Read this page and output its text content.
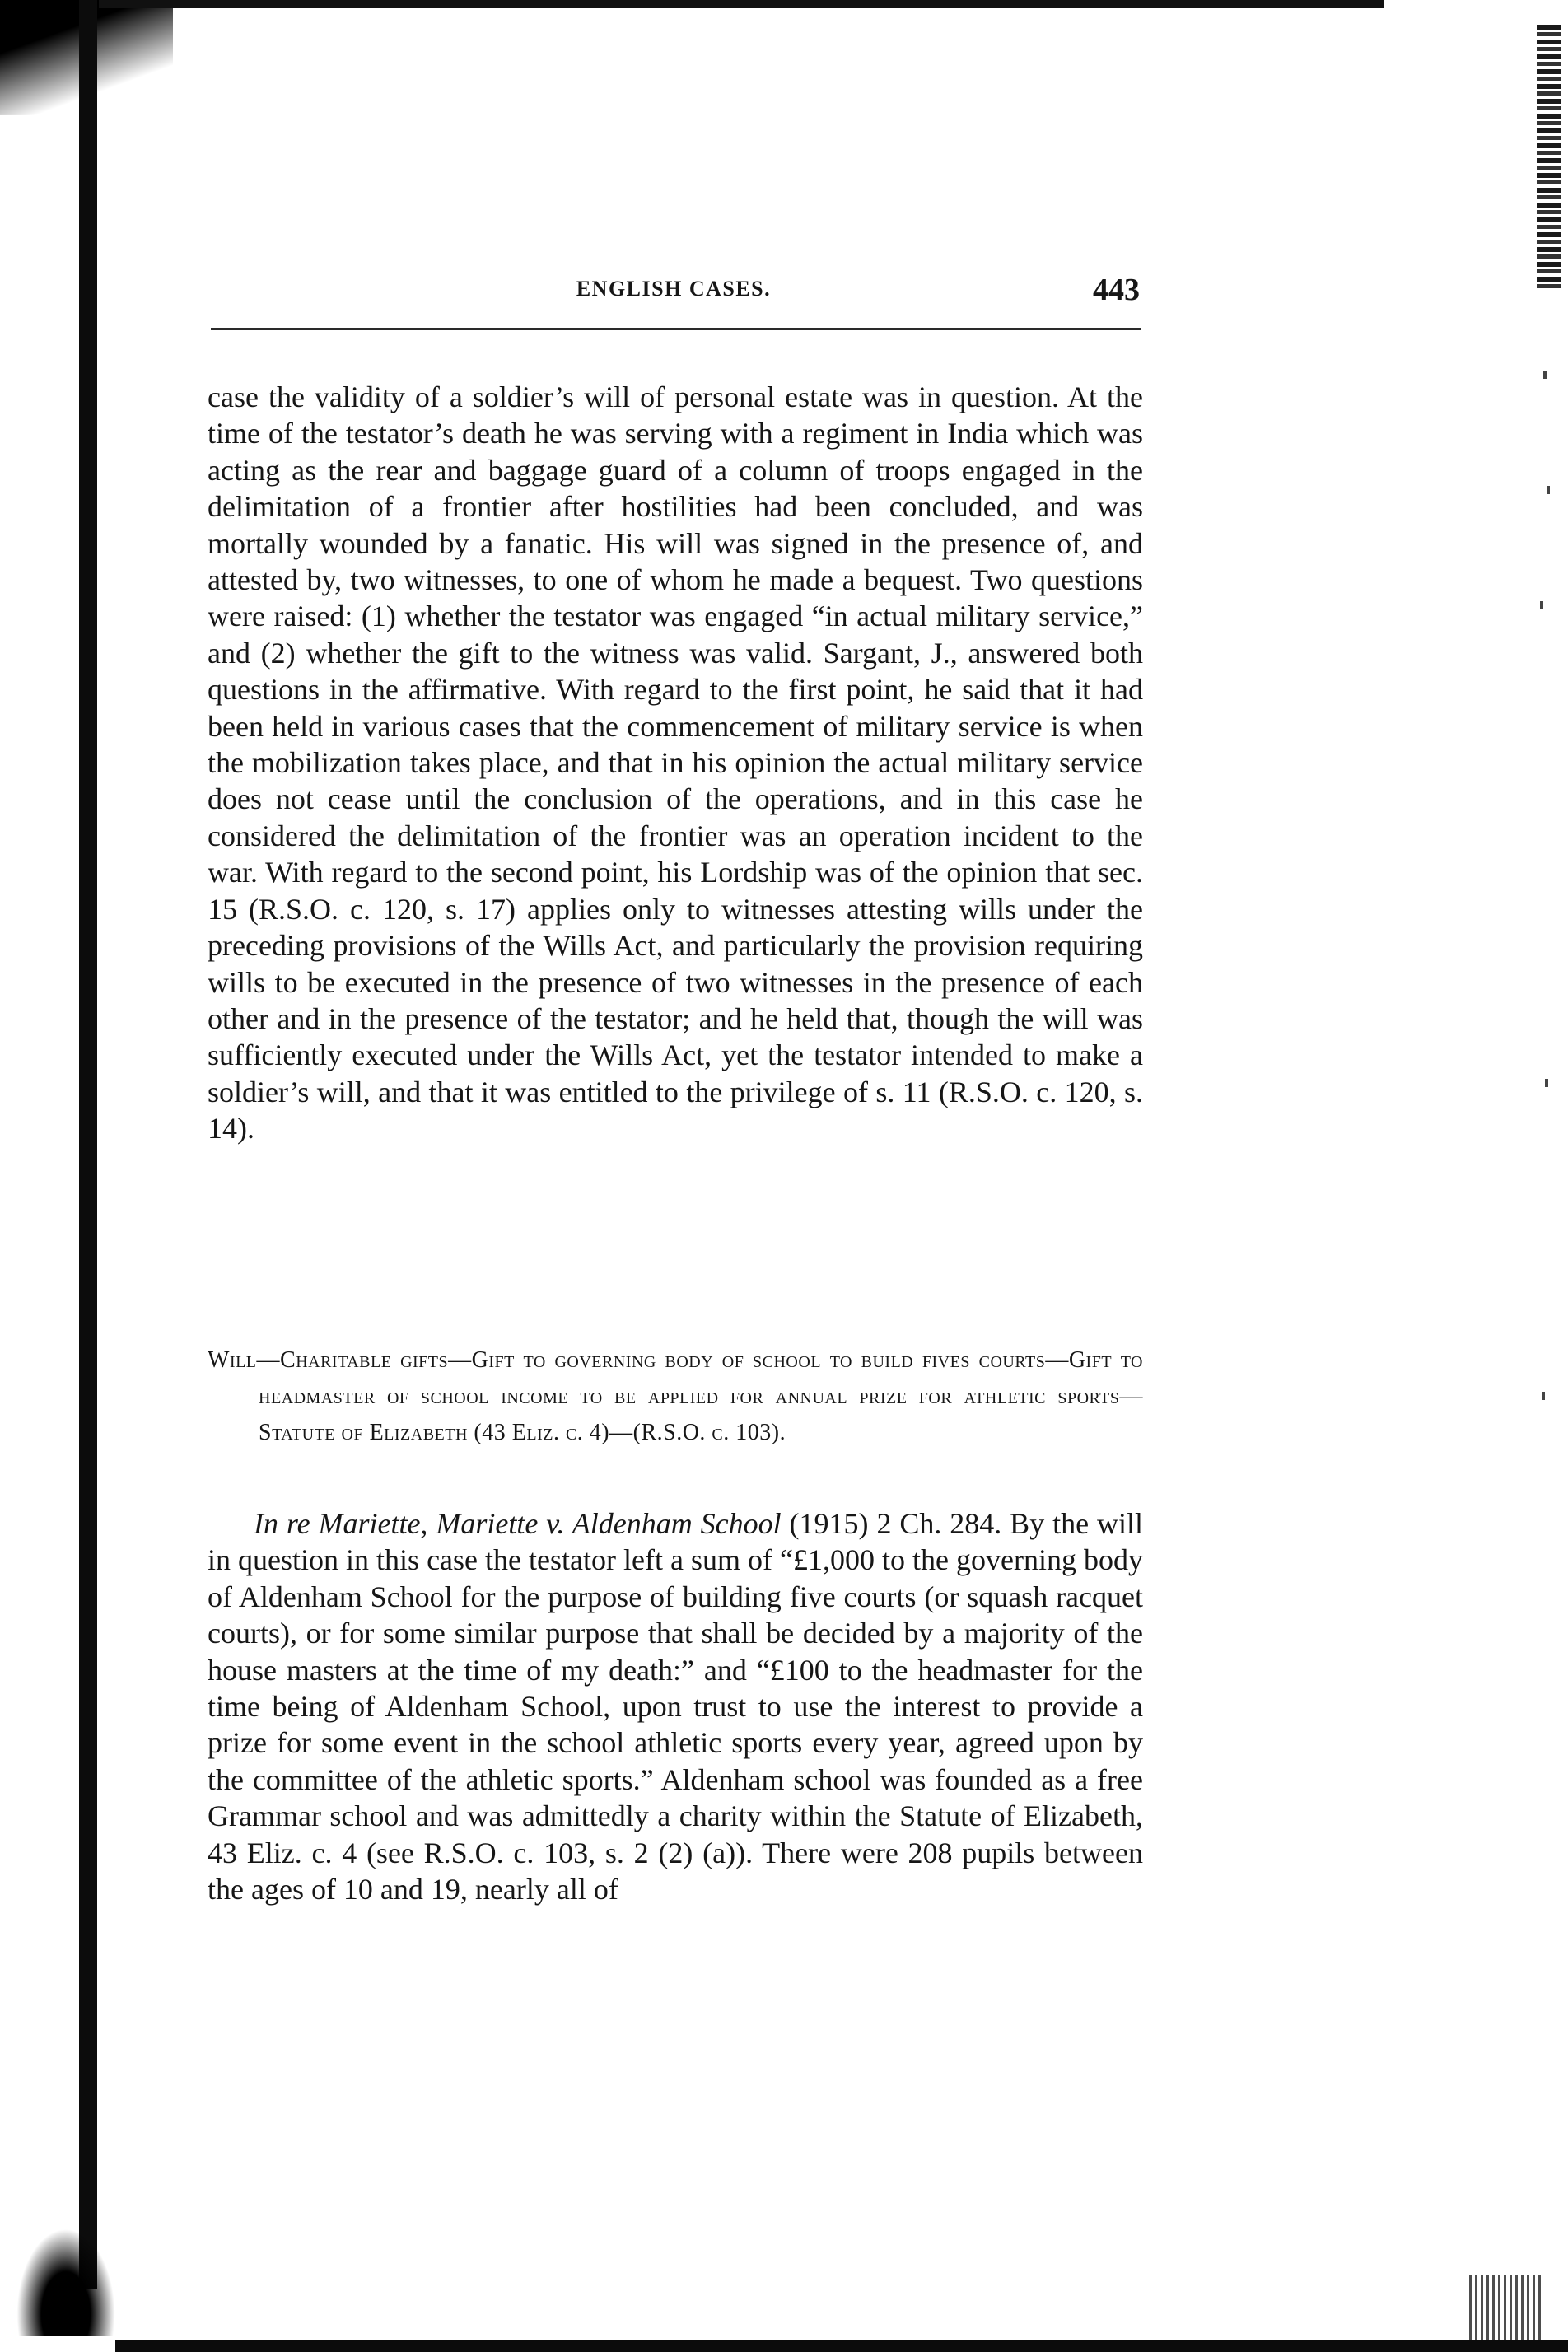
ENGLISH CASES.	443

case the validity of a soldier’s will of personal estate was in question. At the time of the testator’s death he was serving with a regiment in India which was acting as the rear and baggage guard of a column of troops engaged in the delimitation of a frontier after hostilities had been concluded, and was mortally wounded by a fanatic. His will was signed in the presence of, and attested by, two witnesses, to one of whom he made a bequest. Two questions were raised: (1) whether the testator was engaged “in actual military service,” and (2) whether the gift to the witness was valid. Sargant, J., answered both questions in the affirmative. With regard to the first point, he said that it had been held in various cases that the commencement of military service is when the mobilization takes place, and that in his opinion the actual military service does not cease until the conclusion of the operations, and in this case he considered the delimitation of the frontier was an operation incident to the war. With regard to the second point, his Lordship was of the opinion that sec. 15 (R.S.O. c. 120, s. 17) applies only to witnesses attesting wills under the preceding provisions of the Wills Act, and particularly the provision requiring wills to be executed in the presence of two witnesses in the presence of each other and in the presence of the testator; and he held that, though the will was sufficiently executed under the Wills Act, yet the testator intended to make a soldier’s will, and that it was entitled to the privilege of s. 11 (R.S.O. c. 120, s. 14).

Will—Charitable gifts—Gift to governing body of school to build fives courts—Gift to headmaster of school income to be applied for annual prize for athletic sports—Statute of Elizabeth (43 Eliz. c. 4)—(R.S.O. c. 103).

In re Mariette, Mariette v. Aldenham School (1915) 2 Ch. 284. By the will in question in this case the testator left a sum of “£1,000 to the governing body of Aldenham School for the purpose of building five courts (or squash racquet courts), or for some similar purpose that shall be decided by a majority of the house masters at the time of my death:” and “£100 to the headmaster for the time being of Aldenham School, upon trust to use the interest to provide a prize for some event in the school athletic sports every year, agreed upon by the committee of the athletic sports.” Aldenham school was founded as a free Grammar school and was admittedly a charity within the Statute of Elizabeth, 43 Eliz. c. 4 (see R.S.O. c. 103, s. 2 (2) (a)). There were 208 pupils between the ages of 10 and 19, nearly all of
